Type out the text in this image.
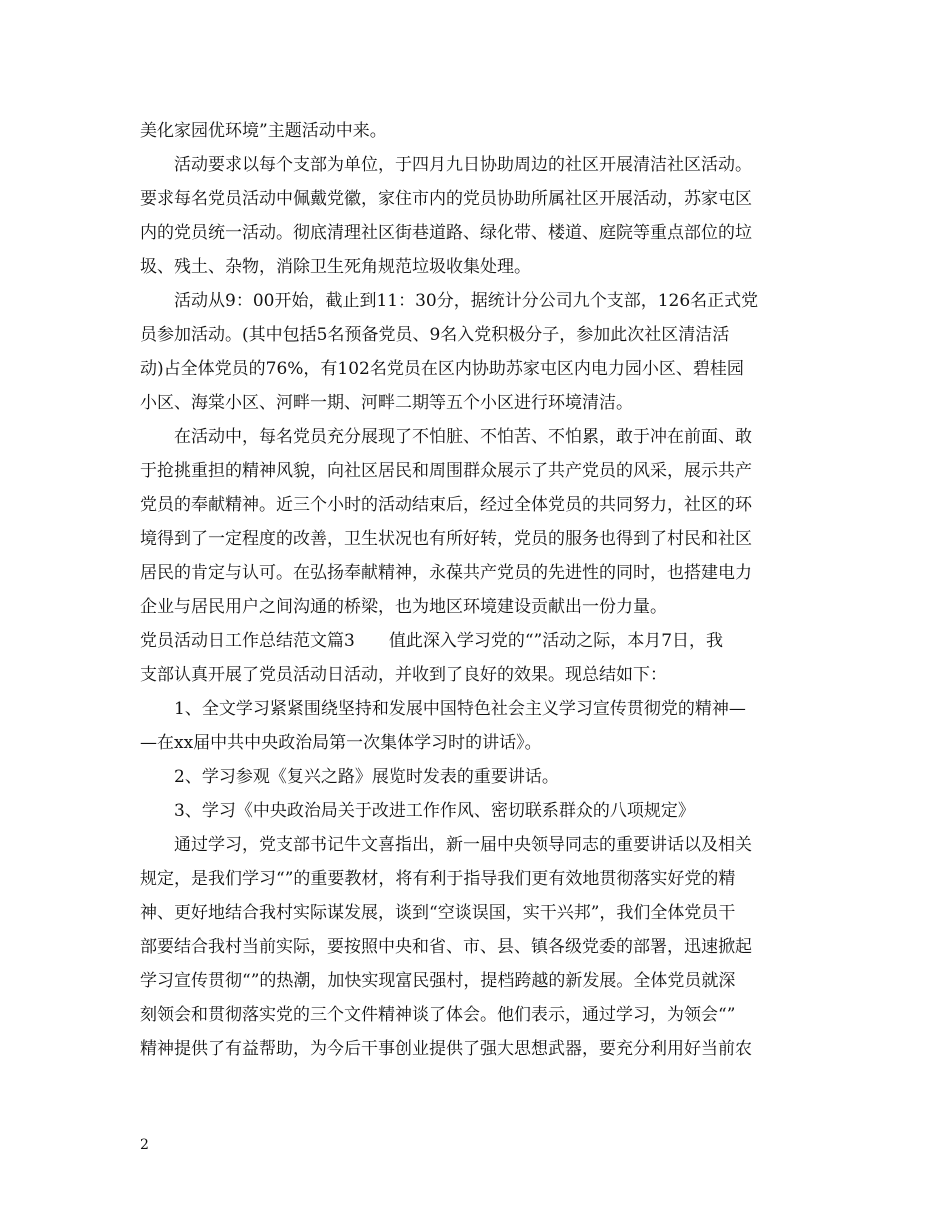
美化家园优环境”主题活动中来。
活动要求以每个支部为单位，于四月九日协助周边的社区开展清洁社区活动。
要求每名党员活动中佩戴党徽，家住市内的党员协助所属社区开展活动，苏家屯区
内的党员统一活动。彻底清理社区街巷道路、绿化带、楼道、庭院等重点部位的垃
圾、残土、杂物，消除卫生死角规范垃圾收集处理。
活动从9：00开始，截止到11：30分，据统计分公司九个支部，126名正式党
员参加活动。(其中包括5名预备党员、9名入党积极分子，参加此次社区清洁活
动)占全体党员的76%，有102名党员在区内协助苏家屯区内电力园小区、碧桂园
小区、海棠小区、河畔一期、河畔二期等五个小区进行环境清洁。
在活动中，每名党员充分展现了不怕脏、不怕苦、不怕累，敢于冲在前面、敢
于抢挑重担的精神风貌，向社区居民和周围群众展示了共产党员的风采，展示共产
党员的奉献精神。近三个小时的活动结束后，经过全体党员的共同努力，社区的环
境得到了一定程度的改善，卫生状况也有所好转，党员的服务也得到了村民和社区
居民的肯定与认可。在弘扬奉献精神，永葆共产党员的先进性的同时，也搭建电力
企业与居民用户之间沟通的桥梁，也为地区环境建设贡献出一份力量。
党员活动日工作总结范文篇3 值此深入学习党的“”活动之际，本月7日，我
支部认真开展了党员活动日活动，并收到了良好的效果。现总结如下：
1、全文学习紧紧围绕坚持和发展中国特色社会主义学习宣传贯彻党的精神—
—在xx届中共中央政治局第一次集体学习时的讲话》。
2、学习参观《复兴之路》展览时发表的重要讲话。
3、学习《中央政治局关于改进工作作风、密切联系群众的八项规定》
通过学习，党支部书记牛文喜指出，新一届中央领导同志的重要讲话以及相关
规定，是我们学习“”的重要教材，将有利于指导我们更有效地贯彻落实好党的精
神、更好地结合我村实际谋发展，谈到“空谈误国，实干兴邦”，我们全体党员干
部要结合我村当前实际，要按照中央和省、市、县、镇各级党委的部署，迅速掀起
学习宣传贯彻“”的热潮，加快实现富民强村，提档跨越的新发展。全体党员就深
刻领会和贯彻落实党的三个文件精神谈了体会。他们表示，通过学习，为领会“”
精神提供了有益帮助，为今后干事创业提供了强大思想武器，要充分利用好当前农
2
